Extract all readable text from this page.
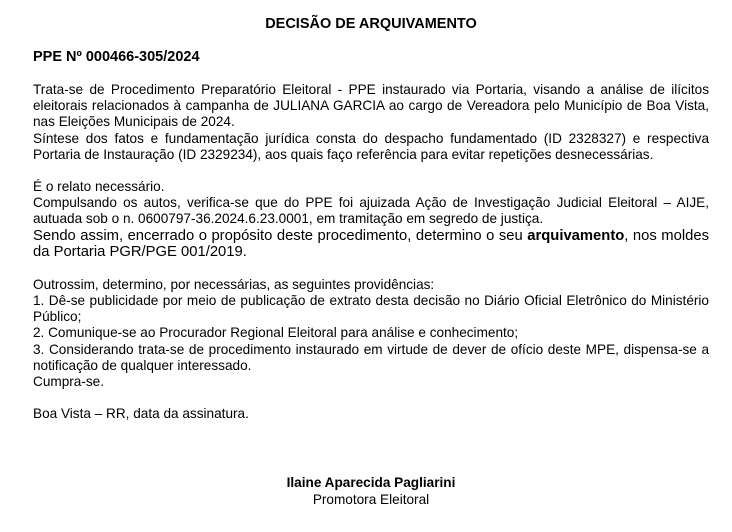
DECISÃO DE ARQUIVAMENTO

PPE Nº 000466-305/2024

Trata-se de Procedimento Preparatório Eleitoral - PPE instaurado via Portaria, visando a análise de ilícitos eleitorais relacionados à campanha de JULIANA GARCIA ao cargo de Vereadora pelo Município de Boa Vista, nas Eleições Municipais de 2024.

Síntese dos fatos e fundamentação jurídica consta do despacho fundamentado (ID 2328327) e respectiva Portaria de Instauração (ID 2329234), aos quais faço referência para evitar repetições desnecessárias.

É o relato necessário.

Compulsando os autos, verifica-se que do PPE foi ajuizada Ação de Investigação Judicial Eleitoral – AIJE, autuada sob o n. 0600797-36.2024.6.23.0001, em tramitação em segredo de justiça.

Sendo assim, encerrado o propósito deste procedimento, determino o seu arquivamento, nos moldes da Portaria PGR/PGE 001/2019.

Outrossim, determino, por necessárias, as seguintes providências:

1. Dê-se publicidade por meio de publicação de extrato desta decisão no Diário Oficial Eletrônico do Ministério Público;

2. Comunique-se ao Procurador Regional Eleitoral para análise e conhecimento;

3. Considerando trata-se de procedimento instaurado em virtude de dever de ofício deste MPE, dispensa-se a notificação de qualquer interessado.

Cumpra-se.

Boa Vista – RR, data da assinatura.

Ilaine Aparecida Pagliarini

Promotora Eleitoral
